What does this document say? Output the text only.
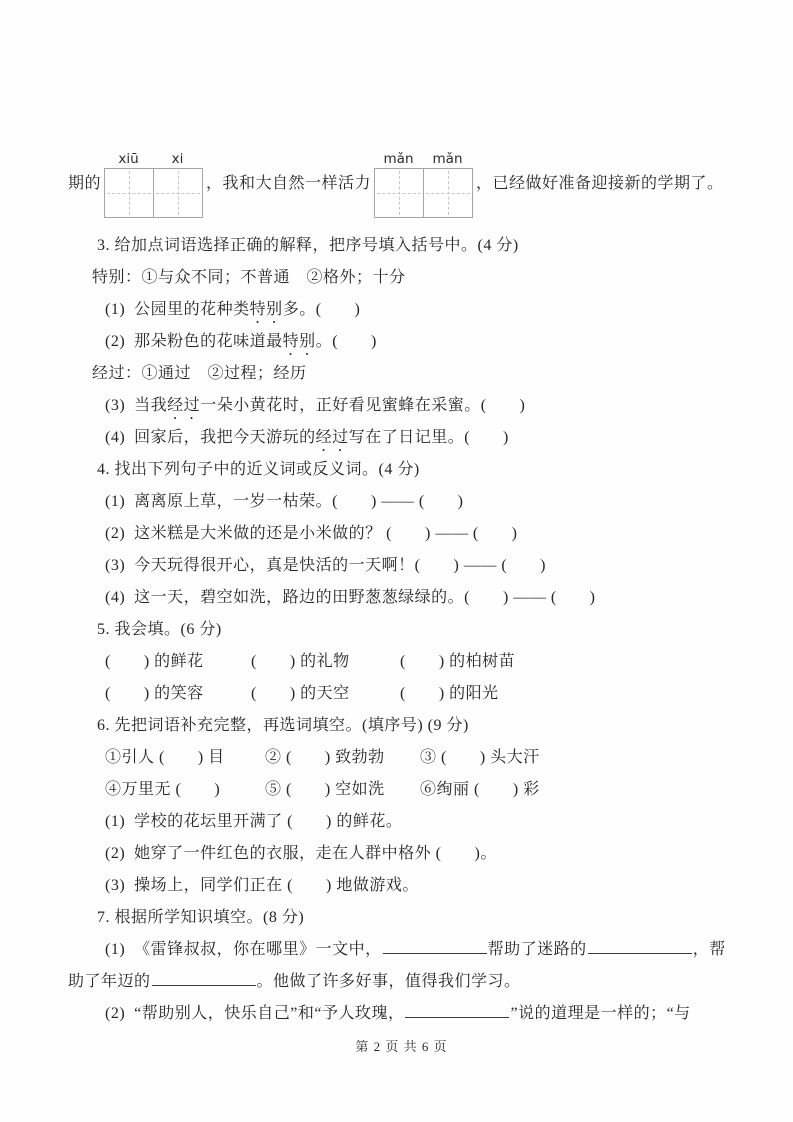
期的
xiū	xi
，我和大自然一样活力
mǎn	mǎn
，已经做好准备迎接新的学期了。
3. 给加点词语选择正确的解释，把序号填入括号中。(4 分)
特别：①与众不同；不普通　②格外；十分
(1) 公园里的花种类特别多。(　　)
(2) 那朵粉色的花味道最特别。(　　)
经过：①通过　②过程；经历
(3) 当我经过一朵小黄花时，正好看见蜜蜂在采蜜。(　　)
(4) 回家后，我把今天游玩的经过写在了日记里。(　　)
4. 找出下列句子中的近义词或反义词。(4 分)
(1) 离离原上草，一岁一枯荣。(　　) —— (　　)
(2) 这米糕是大米做的还是小米做的？ (　　) —— (　　)
(3) 今天玩得很开心，真是快活的一天啊！(　　) —— (　　)
(4) 这一天，碧空如洗，路边的田野葱葱绿绿的。(　　) —— (　　)
5. 我会填。(6 分)
(　　) 的鲜花	(　　) 的礼物	(　　) 的柏树苗
(　　) 的笑容	(　　) 的天空	(　　) 的阳光
6. 先把词语补充完整，再选词填空。(填序号) (9 分)
①引人 (　　) 目	② (　　) 致勃勃 ③ (　　) 头大汗
④万里无 (　　)	⑤ (　　) 空如洗 ⑥绚丽 (　　) 彩
(1) 学校的花坛里开满了 (　　) 的鲜花。
(2) 她穿了一件红色的衣服，走在人群中格外 (　　)。
(3) 操场上，同学们正在 (　　) 地做游戏。
7. 根据所学知识填空。(8 分)
(1) 《雷锋叔叔，你在哪里》一文中，	帮助了迷路的	，帮
助了年迈的	。他做了许多好事，值得我们学习。
(2) “帮助别人，快乐自己”和“予人玫瑰，	”说的道理是一样的；“与
第 2 页 共 6 页
